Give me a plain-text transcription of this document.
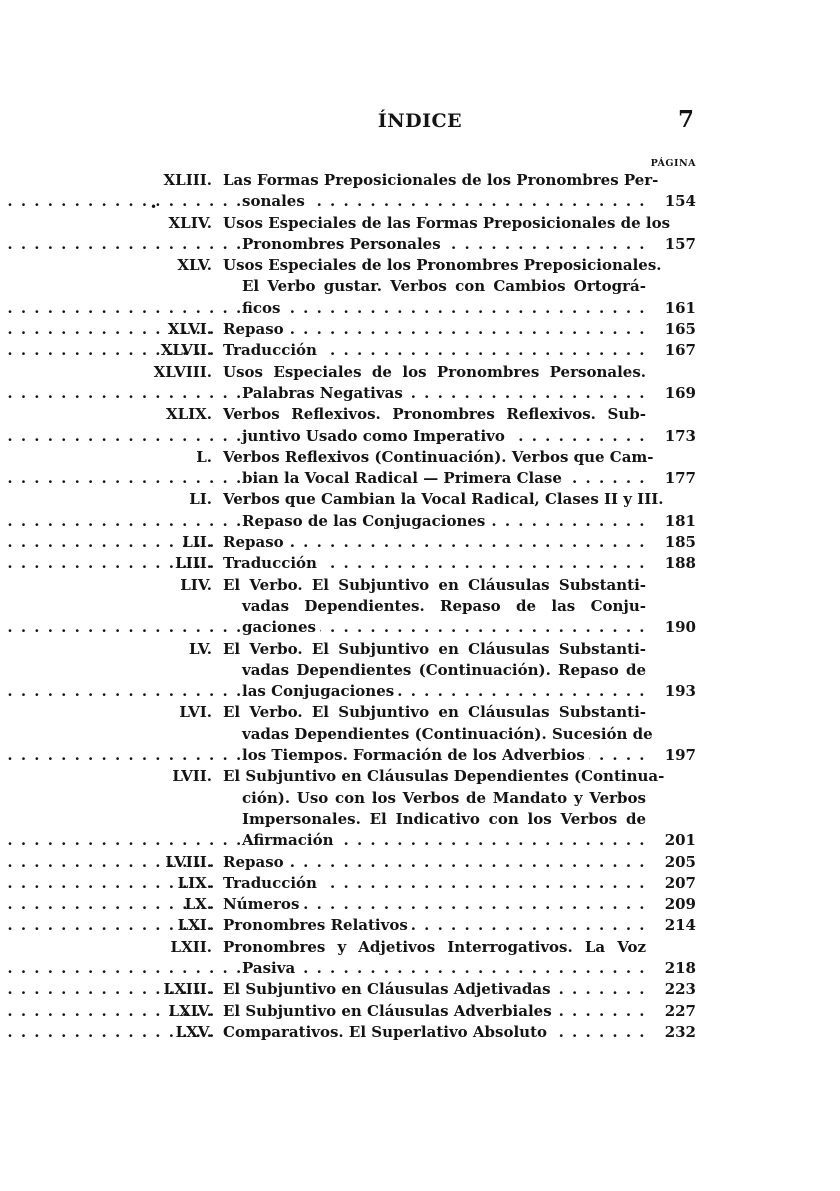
ÍNDICE	7
PÁGINA
•
XLIII. Las Formas Preposicionales de los Pronombres Per-
. . . sonales	154
XLIV. Usos Especiales de las Formas Preposicionales de los
. . . Pronombres Personales	157
XLV. Usos Especiales de los Pronombres Preposicionales.
El Verbo gustar. Verbos con Cambios Ortográ-
. . . ficos	161
XLVI. . . . Repaso	165
XLVII. . . . Traducción	167
XLVIII. Usos Especiales de los Pronombres Personales.
. . . Palabras Negativas	169
XLIX. Verbos Reflexivos. Pronombres Reflexivos. Sub-
. . . juntivo Usado como Imperativo	173
L. Verbos Reflexivos (Continuación). Verbos que Cam-
. . . bian la Vocal Radical — Primera Clase	177
LI. Verbos que Cambian la Vocal Radical, Clases II y III.
. . . Repaso de las Conjugaciones	181
LII. . . . Repaso	185
LIII. . . . Traducción	188
LIV. El Verbo. El Subjuntivo en Cláusulas Substanti-
vadas Dependientes. Repaso de las Conju-
. . . gaciones	190
LV. El Verbo. El Subjuntivo en Cláusulas Substanti-
vadas Dependientes (Continuación). Repaso de
. . . las Conjugaciones	193
LVI. El Verbo. El Subjuntivo en Cláusulas Substanti-
vadas Dependientes (Continuación). Sucesión de
. . . los Tiempos. Formación de los Adverbios	197
LVII. El Subjuntivo en Cláusulas Dependientes (Continua-
ción). Uso con los Verbos de Mandato y Verbos
Impersonales. El Indicativo con los Verbos de
. . . Afirmación	201
LVIII. . . . Repaso	205
LIX. . . . Traducción	207
LX. . . . Números	209
LXI. . . . Pronombres Relativos	214
LXII. Pronombres y Adjetivos Interrogativos. La Voz
. . . Pasiva	218
LXIII. . . . El Subjuntivo en Cláusulas Adjetivadas	223
LXIV. . . . El Subjuntivo en Cláusulas Adverbiales	227
LXV. . . . Comparativos. El Superlativo Absoluto	232
